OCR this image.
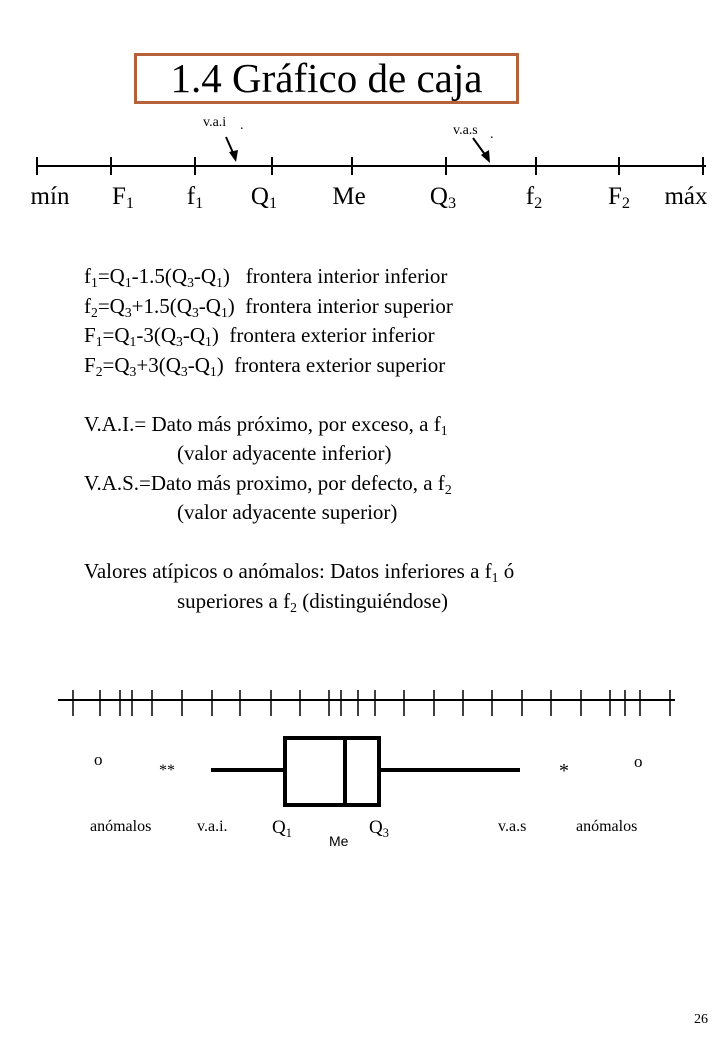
1.4 Gráfico de caja
v.a.i .	v.a.s .
mín $F_1$ $f_1$ $Q_1$ Me	$Q_3$	$f_2$	$F_2$ máx
$f_1=Q_1-1.5(Q_3-Q_1)$ frontera interior inferior
$f_2=Q_3+1.5(Q_3-Q_1)$ frontera interior superior
$F_1=Q_1-3(Q_3-Q_1)$ frontera exterior inferior
$F_2=Q_3+3(Q_3-Q_1)$ frontera exterior superior
V.A.I.= Dato más próximo, por exceso, a $f_1$
(valor adyacente inferior)
V.A.S.=Dato más proximo, por defecto, a $f_2$
(valor adyacente superior)
Valores atípicos o anómalos: Datos inferiores a $f_1$ ó
superiores a $f_2$ (distinguiéndose)
o
**	*	o
anómalos	v.a.i. $Q_1$	Me
$Q_3$	v.a.s	anómalos
26
